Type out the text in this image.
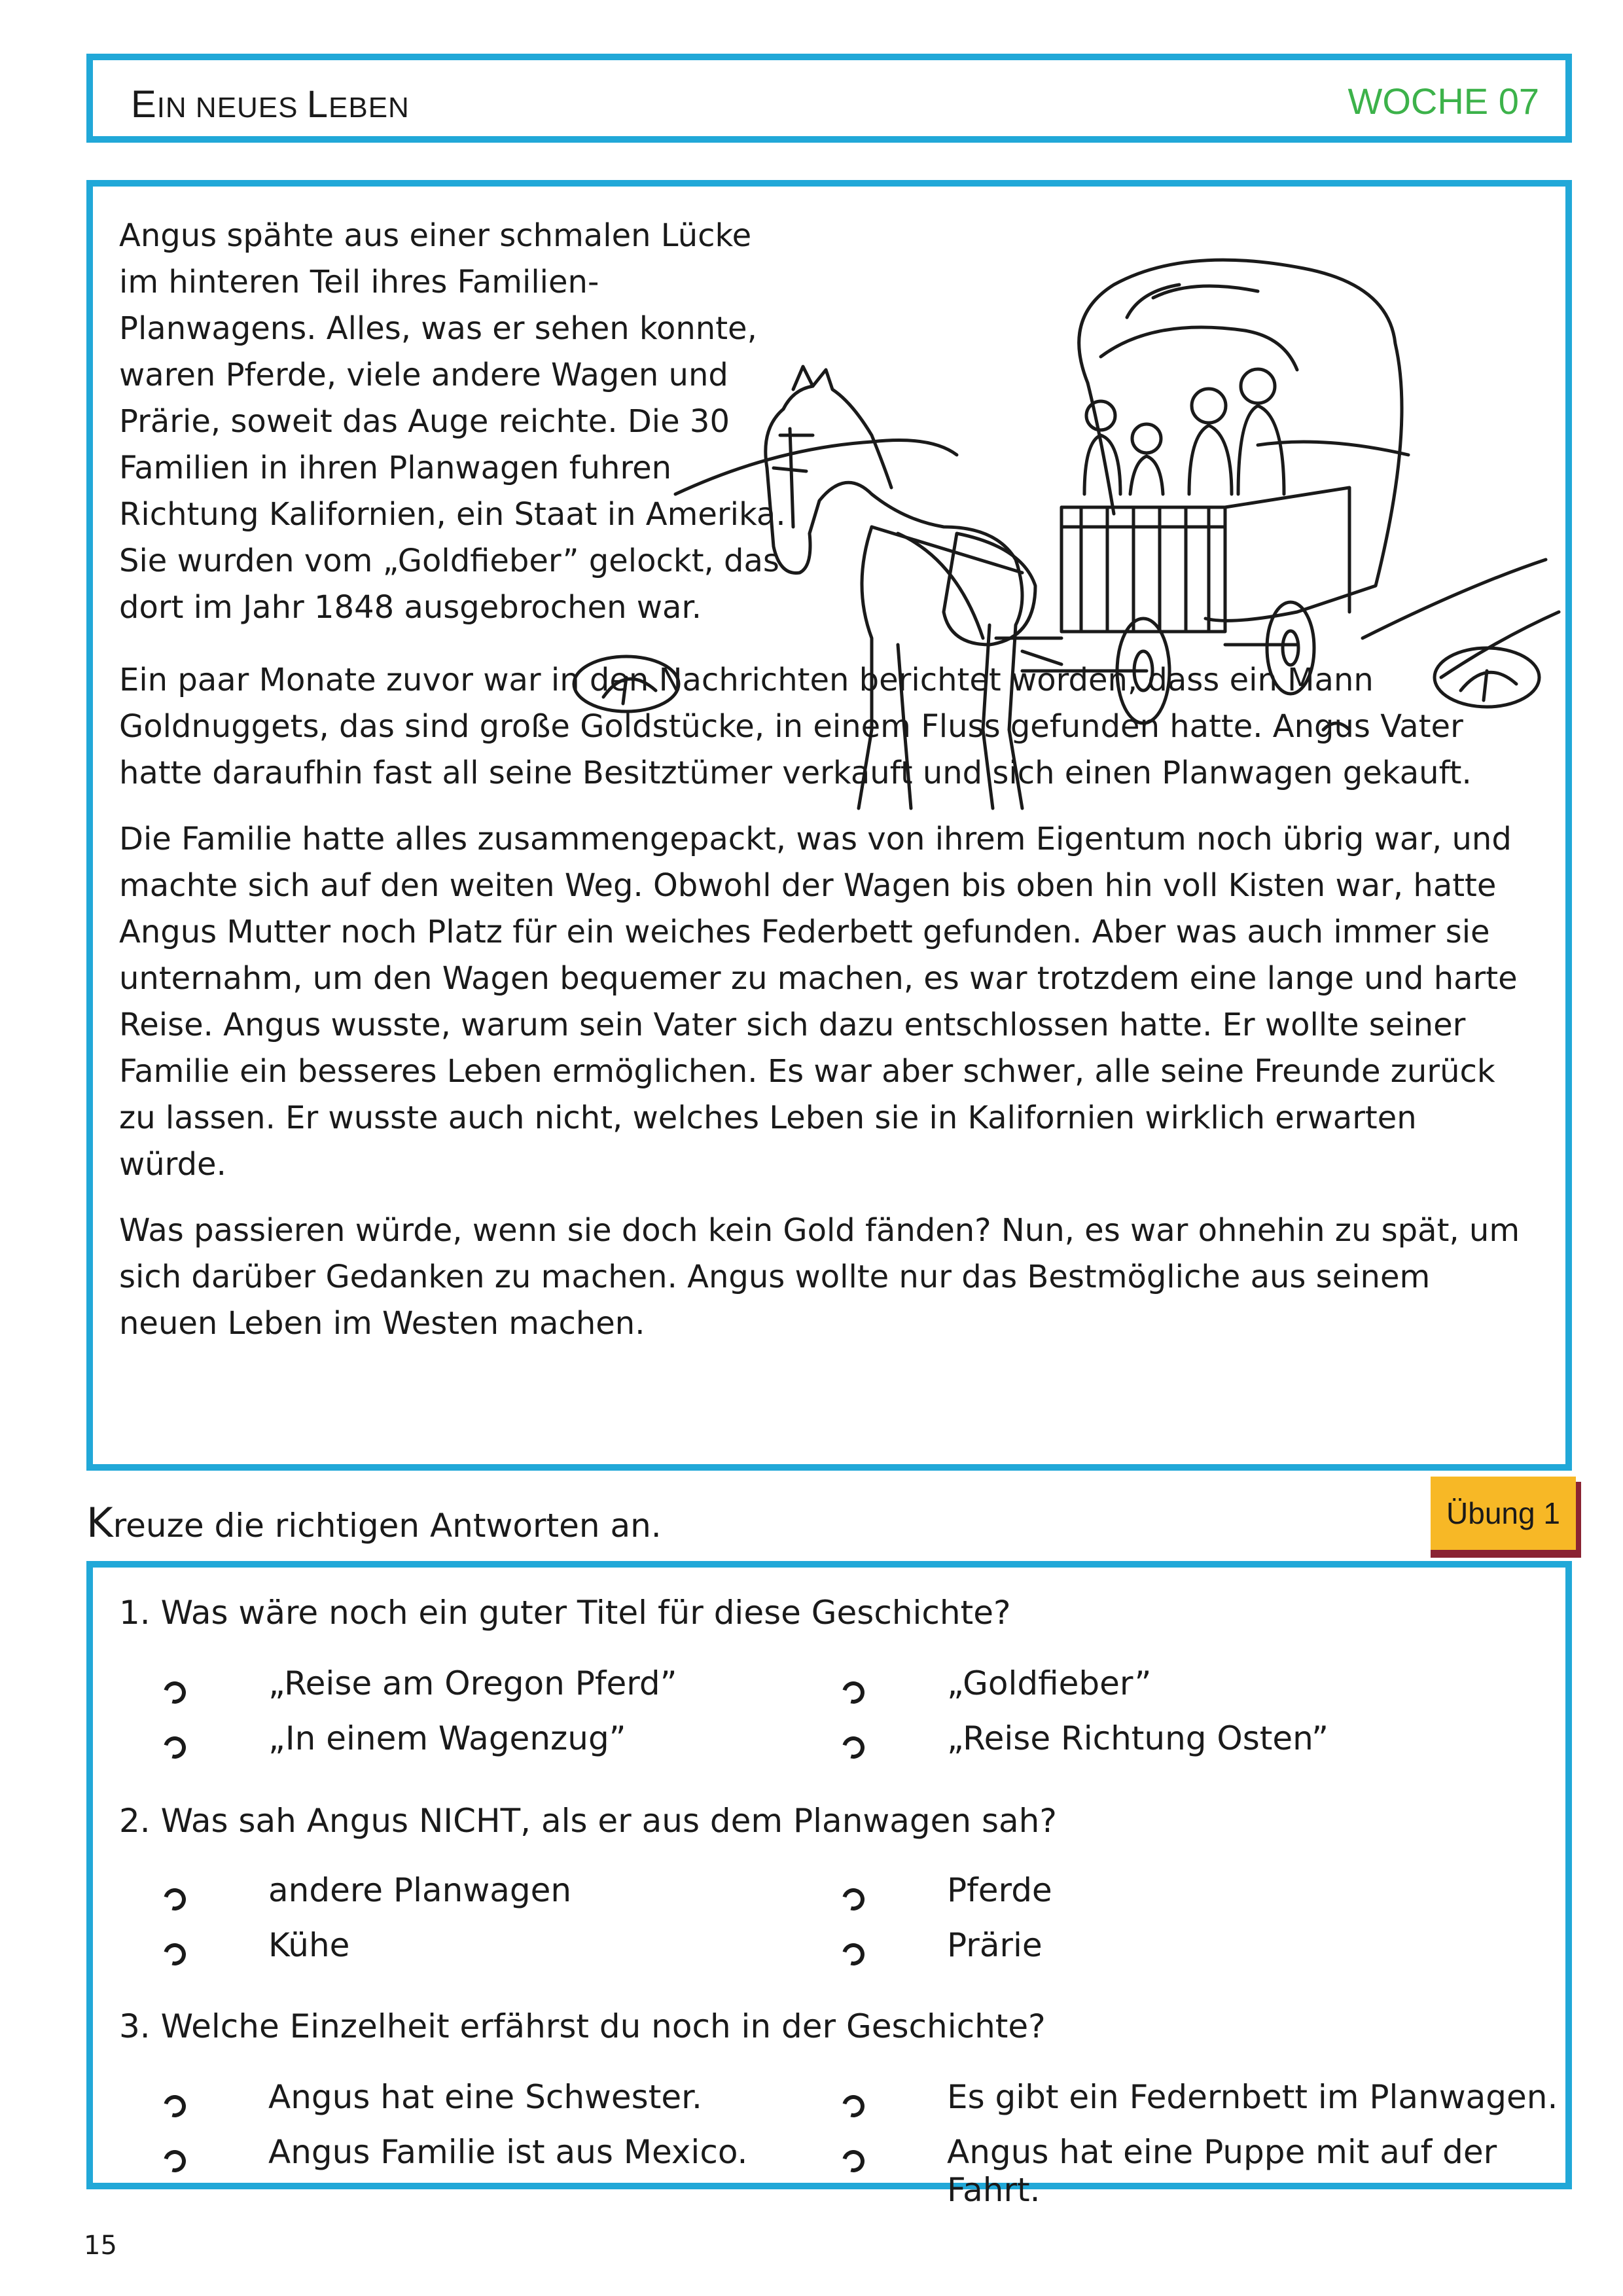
EIN NEUES LEBEN	WOCHE 07

Angus spähte aus einer schmalen Lücke im hinteren Teil ihres Familien- Planwagens. Alles, was er sehen konnte, waren Pferde, viele andere Wagen und Prärie, soweit das Auge reichte. Die 30 Familien in ihren Planwagen fuhren Richtung Kalifornien, ein Staat in Amerika. Sie wurden vom „Goldfieber” gelockt, das dort im Jahr 1848 ausgebrochen war.

Ein paar Monate zuvor war in den Nachrichten berichtet worden, dass ein Mann Goldnuggets, das sind große Goldstücke, in einem Fluss gefunden hatte. Angus Vater hatte daraufhin fast all seine Besitztümer verkauft und sich einen Planwagen gekauft.

Die Familie hatte alles zusammengepackt, was von ihrem Eigentum noch übrig war, und machte sich auf den weiten Weg. Obwohl der Wagen bis oben hin voll Kisten war, hatte Angus Mutter noch Platz für ein weiches Federbett gefunden. Aber was auch immer sie unternahm, um den Wagen bequemer zu machen, es war trotzdem eine lange und harte Reise. Angus wusste, warum sein Vater sich dazu entschlossen hatte. Er wollte seiner Familie ein besseres Leben ermöglichen. Es war aber schwer, alle seine Freunde zurück zu lassen. Er wusste auch nicht, welches Leben sie in Kalifornien wirklich erwarten würde.

Was passieren würde, wenn sie doch kein Gold fänden? Nun, es war ohnehin zu spät, um sich darüber Gedanken zu machen. Angus wollte nur das Bestmögliche aus seinem neuen Leben im Westen machen.

Kreuze die richtigen Antworten an.	Übung 1
1. Was wäre noch ein guter Titel für diese Geschichte?
„Reise am Oregon Pferd”	„Goldfieber”
„In einem Wagenzug”	„Reise Richtung Osten”
2. Was sah Angus NICHT, als er aus dem Planwagen sah?
andere Planwagen	Pferde
Kühe	Prärie
3. Welche Einzelheit erfährst du noch in der Geschichte?
Angus hat eine Schwester.	Es gibt ein Federnbett im Planwagen.
Angus Familie ist aus Mexico.	Angus hat eine Puppe mit auf der Fahrt.
15
